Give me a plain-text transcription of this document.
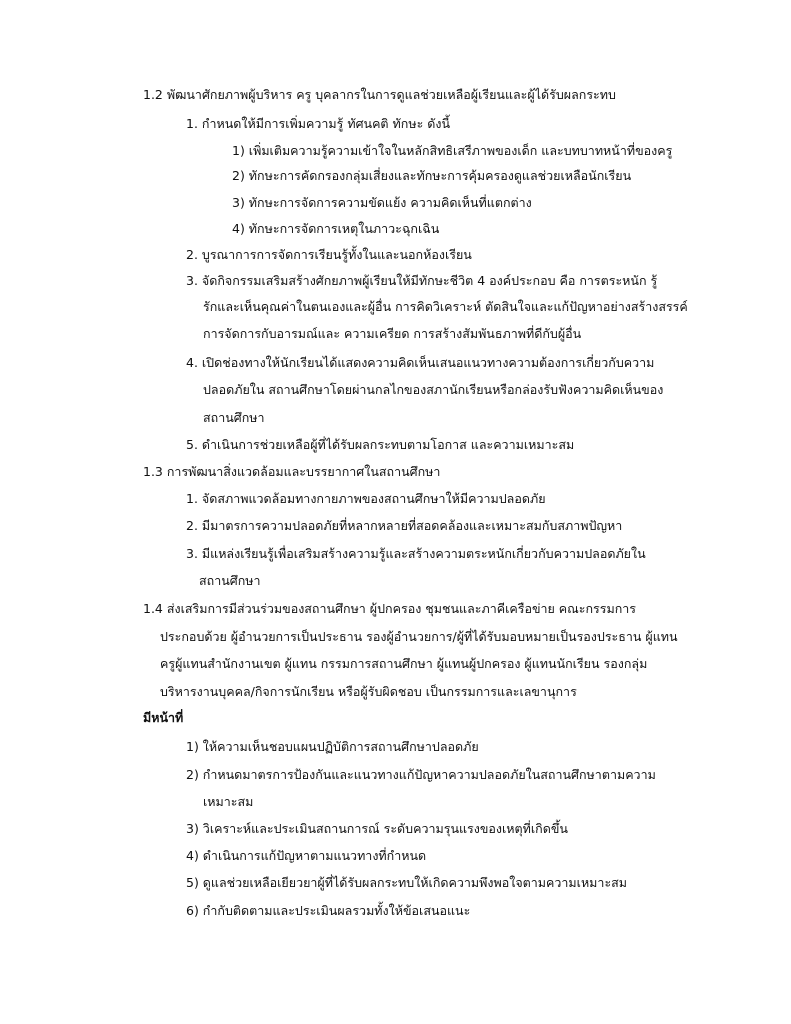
1.2 พัฒนาศักยภาพผู้บริหาร ครู บุคลากรในการดูแลช่วยเหลือผู้เรียนและผู้ได้รับผลกระทบ
1. กำหนดให้มีการเพิ่มความรู้ ทัศนคติ ทักษะ ดังนี้
1) เพิ่มเติมความรู้ความเข้าใจในหลักสิทธิเสรีภาพของเด็ก และบทบาทหน้าที่ของครู
2) ทักษะการคัดกรองกลุ่มเสี่ยงและทักษะการคุ้มครองดูแลช่วยเหลือนักเรียน
3) ทักษะการจัดการความขัดแย้ง ความคิดเห็นที่แตกต่าง
4) ทักษะการจัดการเหตุในภาวะฉุกเฉิน
2. บูรณาการการจัดการเรียนรู้ทั้งในและนอกห้องเรียน
3. จัดกิจกรรมเสริมสร้างศักยภาพผู้เรียนให้มีทักษะชีวิต 4 องค์ประกอบ คือ การตระหนัก รู้
รักและเห็นคุณค่าในตนเองและผู้อื่น การคิดวิเคราะห์ ตัดสินใจและแก้ปัญหาอย่างสร้างสรรค์
การจัดการกับอารมณ์และ ความเครียด การสร้างสัมพันธภาพที่ดีกับผู้อื่น
4. เปิดช่องทางให้นักเรียนได้แสดงความคิดเห็นเสนอแนวทางความต้องการเกี่ยวกับความ
ปลอดภัยใน สถานศึกษาโดยผ่านกลไกของสภานักเรียนหรือกล่องรับฟังความคิดเห็นของ
สถานศึกษา
5. ดำเนินการช่วยเหลือผู้ที่ได้รับผลกระทบตามโอกาส และความเหมาะสม
1.3 การพัฒนาสิ่งแวดล้อมและบรรยากาศในสถานศึกษา
1. จัดสภาพแวดล้อมทางกายภาพของสถานศึกษาให้มีความปลอดภัย
2. มีมาตรการความปลอดภัยที่หลากหลายที่สอดคล้องและเหมาะสมกับสภาพปัญหา
3. มีแหล่งเรียนรู้เพื่อเสริมสร้างความรู้และสร้างความตระหนักเกี่ยวกับความปลอดภัยใน
สถานศึกษา
1.4 ส่งเสริมการมีส่วนร่วมของสถานศึกษา ผู้ปกครอง ชุมชนและภาคีเครือข่าย คณะกรรมการ
ประกอบด้วย ผู้อำนวยการเป็นประธาน รองผู้อำนวยการ/ผู้ที่ได้รับมอบหมายเป็นรองประธาน ผู้แทน
ครูผู้แทนสำนักงานเขต ผู้แทน กรรมการสถานศึกษา ผู้แทนผู้ปกครอง ผู้แทนนักเรียน รองกลุ่ม
บริหารงานบุคคล/กิจการนักเรียน หรือผู้รับผิดชอบ เป็นกรรมการและเลขานุการ
มีหน้าที่
1) ให้ความเห็นชอบแผนปฏิบัติการสถานศึกษาปลอดภัย
2) กำหนดมาตรการป้องกันและแนวทางแก้ปัญหาความปลอดภัยในสถานศึกษาตามความ
เหมาะสม
3) วิเคราะห์และประเมินสถานการณ์ ระดับความรุนแรงของเหตุที่เกิดขึ้น
4) ดำเนินการแก้ปัญหาตามแนวทางที่กำหนด
5) ดูแลช่วยเหลือเยียวยาผู้ที่ได้รับผลกระทบให้เกิดความพึงพอใจตามความเหมาะสม
6) กำกับติดตามและประเมินผลรวมทั้งให้ข้อเสนอแนะ
